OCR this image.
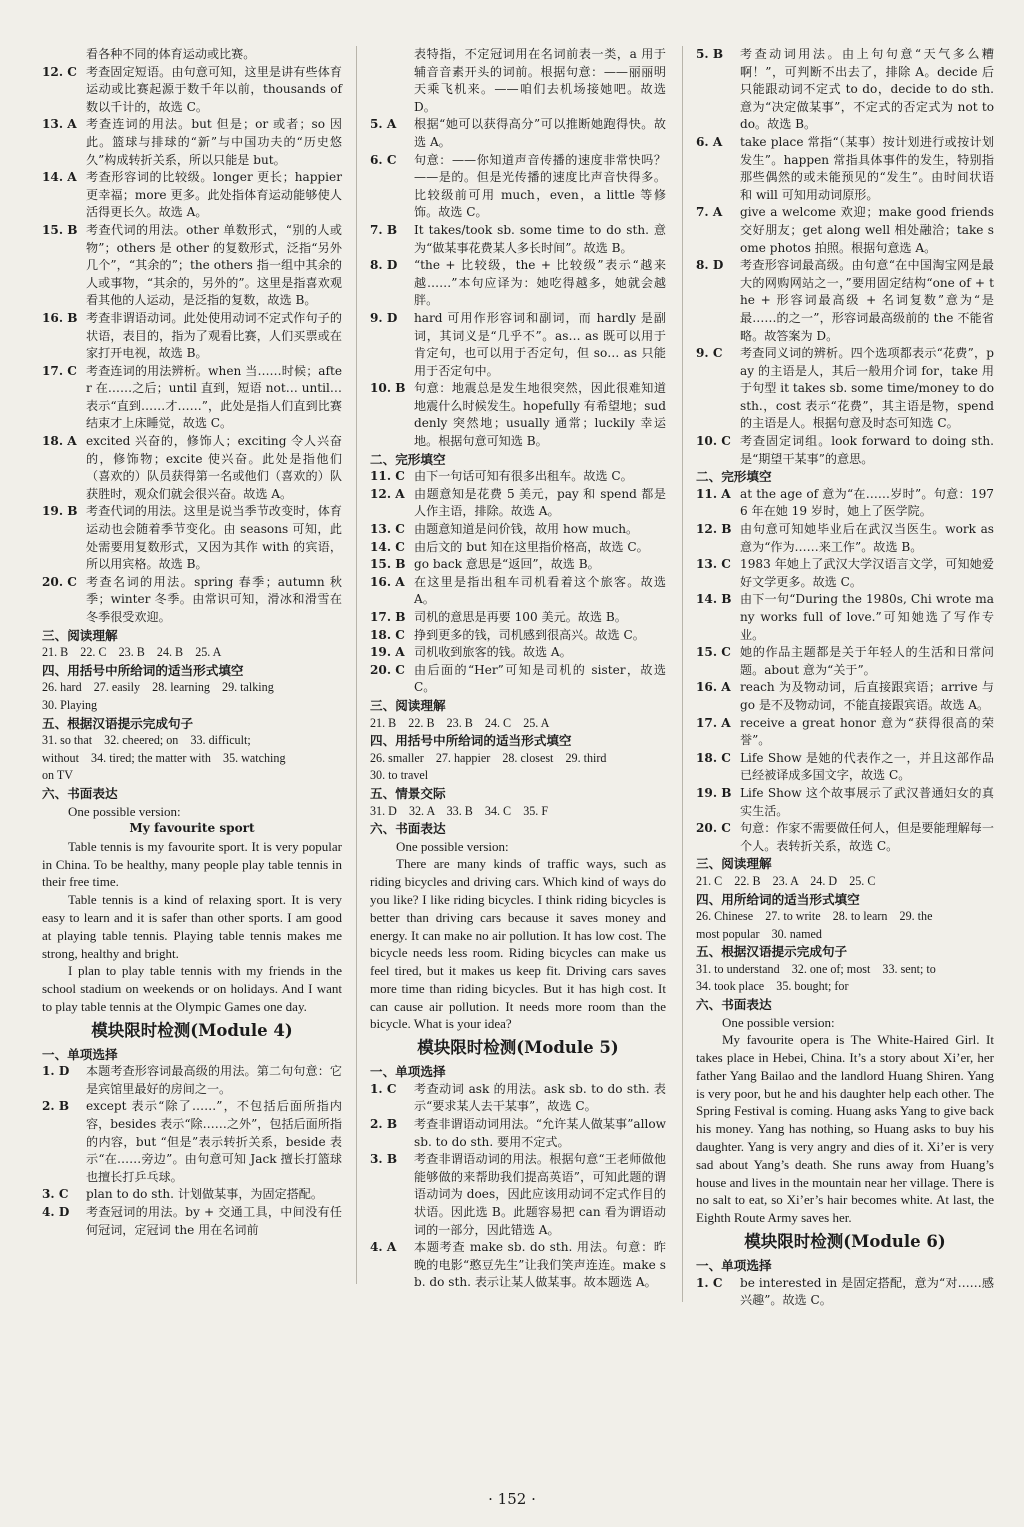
看各种不同的体育运动或比赛。
12. C 考查固定短语。由句意可知，这里是讲有些体育运动或比赛起源于数千年以前，thousands of 数以千计的，故选 C。
13. A 考查连词的用法。but 但是；or 或者；so 因此。篮球与排球的“新”与中国功夫的“历史悠久”构成转折关系，所以只能是 but。
14. A 考查形容词的比较级。longer 更长；happier 更幸福；more 更多。此处指体育运动能够使人活得更长久。故选 A。
15. B 考查代词的用法。other 单数形式，“别的人或物”；others 是 other 的复数形式，泛指“另外几个”，“其余的”；the others 指一组中其余的人或事物，“其余的，另外的”。这里是指喜欢观看其他的人运动，是泛指的复数，故选 B。
16. B 考查非谓语动词。此处使用动词不定式作句子的状语，表目的，指为了观看比赛，人们买票或在家打开电视，故选 B。
17. C 考查连词的用法辨析。when 当……时候；after 在……之后；until 直到，短语 not… until… 表示“直到……才……”，此处是指人们直到比赛结束才上床睡觉，故选 C。
18. A excited 兴奋的，修饰人；exciting 令人兴奋的，修饰物；excite 使兴奋。此处是指他们（喜欢的）队员获得第一名或他们（喜欢的）队获胜时，观众们就会很兴奋。故选 A。
19. B 考查代词的用法。这里是说当季节改变时，体育运动也会随着季节变化。由 seasons 可知，此处需要用复数形式，又因为其作 with 的宾语，所以用宾格。故选 B。
20. C 考查名词的用法。spring 春季；autumn 秋季；winter 冬季。由常识可知，滑冰和滑雪在冬季很受欢迎。
三、阅读理解
21. B　22. C　23. B　24. B　25. A
四、用括号中所给词的适当形式填空
26. hard　27. easily　28. learning　29. talking
30. Playing
五、根据汉语提示完成句子
31. so that　32. cheered; on　33. difficult;
without　34. tired; the matter with　35. watching
on TV
六、书面表达
One possible version:
My favourite sport
Table tennis is my favourite sport. It is very popular in China. To be healthy, many people play table tennis in their free time.
Table tennis is a kind of relaxing sport. It is very easy to learn and it is safer than other sports. I am good at playing table tennis. Playing table tennis makes me strong, healthy and bright.
I plan to play table tennis with my friends in the school stadium on weekends or on holidays. And I want to play table tennis at the Olympic Games one day.
模块限时检测(Module 4)
一、单项选择
1. D	本题考查形容词最高级的用法。第二句句意：它是宾馆里最好的房间之一。
2. B	except 表示“除了……”，不包括后面所指内容，besides 表示“除……之外”，包括后面所指的内容，but “但是”表示转折关系，beside 表示“在……旁边”。由句意可知 Jack 擅长打篮球也擅长打乒乓球。
3. C	plan to do sth. 计划做某事，为固定搭配。
4. D	考查冠词的用法。by + 交通工具，中间没有任何冠词，定冠词 the 用在名词前
表特指，不定冠词用在名词前表一类，a 用于辅音音素开头的词前。根据句意：——丽丽明天乘飞机来。——咱们去机场接她吧。故选 D。
5. A	根据“她可以获得高分”可以推断她跑得快。故选 A。
6. C	句意：——你知道声音传播的速度非常快吗？——是的。但是光传播的速度比声音快得多。比较级前可用 much，even，a little 等修饰。故选 C。
7. B	It takes/took sb. some time to do sth. 意为“做某事花费某人多长时间”。故选 B。
8. D	“the + 比较级，the + 比较级”表示“越来越……”本句应译为：她吃得越多，她就会越胖。
9. D	hard 可用作形容词和副词，而 hardly 是副词，其词义是“几乎不”。as… as 既可以用于肯定句，也可以用于否定句，但 so… as 只能用于否定句中。
10. B 句意：地震总是发生地很突然，因此很难知道地震什么时候发生。hopefully 有希望地；suddenly 突然地；usually 通常；luckily 幸运地。根据句意可知选 B。
二、完形填空
11. C 由下一句话可知有很多出租车。故选 C。
12. A 由题意知是花费 5 美元，pay 和 spend 都是人作主语，排除。故选 A。
13. C 由题意知道是问价钱，故用 how much。
14. C 由后文的 but 知在这里指价格高，故选 C。
15. B go back 意思是“返回”，故选 B。
16. A 在这里是指出租车司机看着这个旅客。故选 A。
17. B 司机的意思是再要 100 美元。故选 B。
18. C 挣到更多的钱，司机感到很高兴。故选 C。
19. A 司机收到旅客的钱。故选 A。
20. C 由后面的“Her”可知是司机的 sister，故选 C。
三、阅读理解
21. B　22. B　23. B　24. C　25. A
四、用括号中所给词的适当形式填空
26. smaller　27. happier　28. closest　29. third
30. to travel
五、情景交际
31. D　32. A　33. B　34. C　35. F
六、书面表达
One possible version:
There are many kinds of traffic ways, such as riding bicycles and driving cars. Which kind of ways do you like? I like riding bicycles. I think riding bicycles is better than driving cars because it saves money and energy. It can make no air pollution. It has low cost. The bicycle needs less room. Riding bicycles can make us feel tired, but it makes us keep fit. Driving cars saves more time than riding bicycles. But it has high cost. It can cause air pollution. It needs more room than the bicycle. What is your idea?
模块限时检测(Module 5)
一、单项选择
1. C	考查动词 ask 的用法。ask sb. to do sth. 表示“要求某人去干某事”，故选 C。
2. B	考查非谓语动词用法。“允许某人做某事”allow sb. to do sth. 要用不定式。
3. B	考查非谓语动词的用法。根据句意“王老师做他能够做的来帮助我们提高英语”，可知此题的谓语动词为 does，因此应该用动词不定式作目的状语。因此选 B。此题容易把 can 看为谓语动词的一部分，因此错选 A。
4. A	本题考查 make sb. do sth. 用法。句意：昨晚的电影“憨豆先生”让我们笑声连连。make sb. do sth. 表示让某人做某事。故本题选 A。
5. B	考查动词用法。由上句句意“天气多么糟啊！”，可判断不出去了，排除 A。decide 后只能跟动词不定式 to do，decide to do sth. 意为“决定做某事”，不定式的否定式为 not to do。故选 B。
6. A	take place 常指“（某事）按计划进行或按计划发生”。happen 常指具体事件的发生，特别指那些偶然的或未能预见的“发生”。由时间状语和 will 可知用动词原形。
7. A	give a welcome 欢迎；make good friends 交好朋友；get along well 相处融洽；take some photos 拍照。根据句意选 A。
8. D	考查形容词最高级。由句意“在中国淘宝网是最大的网购网站之一，”要用固定结构“one of + the + 形容词最高级 + 名词复数”意为“是最……的之一”，形容词最高级前的 the 不能省略。故答案为 D。
9. C	考查同义词的辨析。四个选项都表示“花费”，pay 的主语是人，其后一般用介词 for，take 用于句型 it takes sb. some time/money to do sth.，cost 表示“花费”，其主语是物，spend 的主语是人。根据句意及时态可知选 C。
10. C 考查固定词组。look forward to doing sth. 是“期望干某事”的意思。
二、完形填空
11. A at the age of 意为“在……岁时”。句意：1976 年在她 19 岁时，她上了医学院。
12. B 由句意可知她毕业后在武汉当医生。work as 意为“作为……来工作”。故选 B。
13. C 1983 年她上了武汉大学汉语言文学，可知她爱好文学更多。故选 C。
14. B 由下一句“During the 1980s, Chi wrote many works full of love.”可知她选了写作专业。
15. C 她的作品主题都是关于年轻人的生活和日常问题。about 意为“关于”。
16. A reach 为及物动词，后直接跟宾语；arrive 与 go 是不及物动词，不能直接跟宾语。故选 A。
17. A receive a great honor 意为“获得很高的荣誉”。
18. C Life Show 是她的代表作之一，并且这部作品已经被译成多国文字，故选 C。
19. B Life Show 这个故事展示了武汉普通妇女的真实生活。
20. C 句意：作家不需要做任何人，但是要能理解每一个人。表转折关系，故选 C。
三、阅读理解
21. C　22. B　23. A　24. D　25. C
四、用所给词的适当形式填空
26. Chinese　27. to write　28. to learn　29. the
most popular　30. named
五、根据汉语提示完成句子
31. to understand　32. one of; most　33. sent; to
34. took place　35. bought; for
六、书面表达
One possible version:
My favourite opera is The White-Haired Girl. It takes place in Hebei, China. It’s a story about Xi’er, her father Yang Bailao and the landlord Huang Shiren. Yang is very poor, but he and his daughter help each other. The Spring Festival is coming. Huang asks Yang to give back his money. Yang has nothing, so Huang asks to buy his daughter. Yang is very angry and dies of it. Xi’er is very sad about Yang’s death. She runs away from Huang’s house and lives in the mountain near her village. There is no salt to eat, so Xi’er’s hair becomes white. At last, the Eighth Route Army saves her.
模块限时检测(Module 6)
一、单项选择
1. C	be interested in 是固定搭配，意为“对……感兴趣”。故选 C。
· 152 ·
